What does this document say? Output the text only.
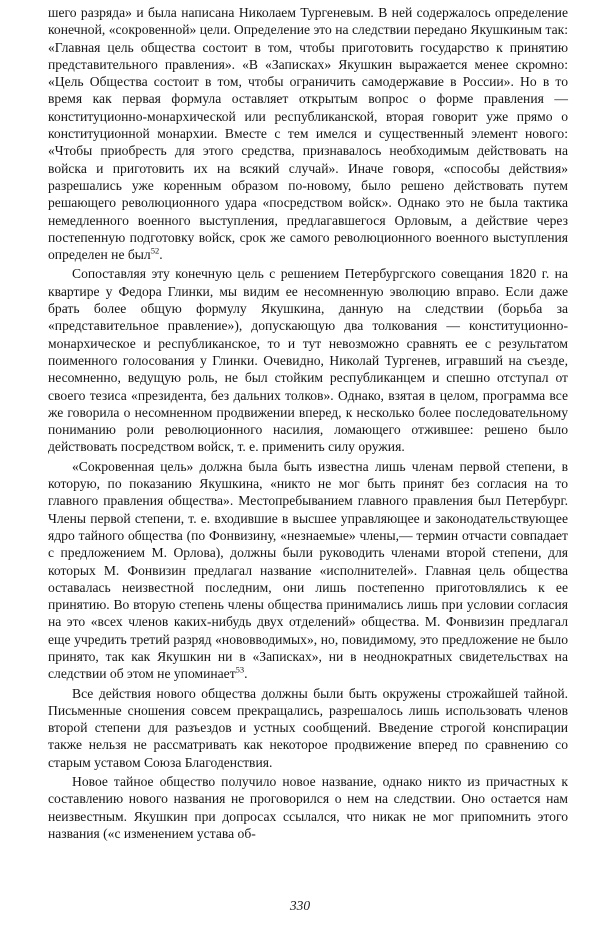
шего разряда» и была написана Николаем Тургеневым. В ней содержалось определение конечной, «сокровенной» цели. Определение это на следствии передано Якушкиным так: «Главная цель общества состоит в том, чтобы приготовить государство к принятию представительного правления». «В «Записках» Якушкин выражается менее скромно: «Цель Общества состоит в том, чтобы ограничить самодержавие в России». Но в то время как первая формула оставляет открытым вопрос о форме правления — конституционно-монархической или республиканской, вторая говорит уже прямо о конституционной монархии. Вместе с тем имелся и существенный элемент нового: «Чтобы приобресть для этого средства, признавалось необходимым действовать на войска и приготовить их на всякий случай». Иначе говоря, «способы действия» разрешались уже коренным образом по-новому, было решено действовать путем решающего революционного удара «посредством войск». Однако это не была тактика немедленного военного выступления, предлагавшегося Орловым, а действие через постепенную подготовку войск, срок же самого революционного военного выступления определен не был$^{52}$.

Сопоставляя эту конечную цель с решением Петербургского совещания 1820 г. на квартире у Федора Глинки, мы видим ее несомненную эволюцию вправо. Если даже брать более общую формулу Якушкина, данную на следствии (борьба за «представительное правление»), допускающую два толкования — конституционно-монархическое и республиканское, то и тут невозможно сравнять ее с результатом поименного голосования у Глинки. Очевидно, Николай Тургенев, игравший на съезде, несомненно, ведущую роль, не был стойким республиканцем и спешно отступал от своего тезиса «президента, без дальних толков». Однако, взятая в целом, программа все же говорила о несомненном продвижении вперед, к несколько более последовательному пониманию роли революционного насилия, ломающего отжившее: решено было действовать посредством войск, т. е. применить силу оружия.

«Сокровенная цель» должна была быть известна лишь членам первой степени, в которую, по показанию Якушкина, «никто не мог быть принят без согласия на то главного правления общества». Местопребыванием главного правления был Петербург. Члены первой степени, т. е. входившие в высшее управляющее и законодательствующее ядро тайного общества (по Фонвизину, «незнаемые» члены,— термин отчасти совпадает с предложением М. Орлова), должны были руководить членами второй степени, для которых М. Фонвизин предлагал название «исполнителей». Главная цель общества оставалась неизвестной последним, они лишь постепенно приготовлялись к ее принятию. Во вторую степень члены общества принимались лишь при условии согласия на это «всех членов каких-нибудь двух отделений» общества. М. Фонвизин предлагал еще учредить третий разряд «нововводимых», но, повидимому, это предложение не было принято, так как Якушкин ни в «Записках», ни в неоднократных свидетельствах на следствии об этом не упоминает$^{53}$.

Все действия нового общества должны были быть окружены строжайшей тайной. Письменные сношения совсем прекращались, разрешалось лишь использовать членов второй степени для разъездов и устных сообщений. Введение строгой конспирации также нельзя не рассматривать как некоторое продвижение вперед по сравнению со старым уставом Союза Благоденствия.

Новое тайное общество получило новое название, однако никто из причастных к составлению нового названия не проговорился о нем на следствии. Оно остается нам неизвестным. Якушкин при допросах ссылался, что никак не мог припомнить этого названия («с изменением устава об-

330
